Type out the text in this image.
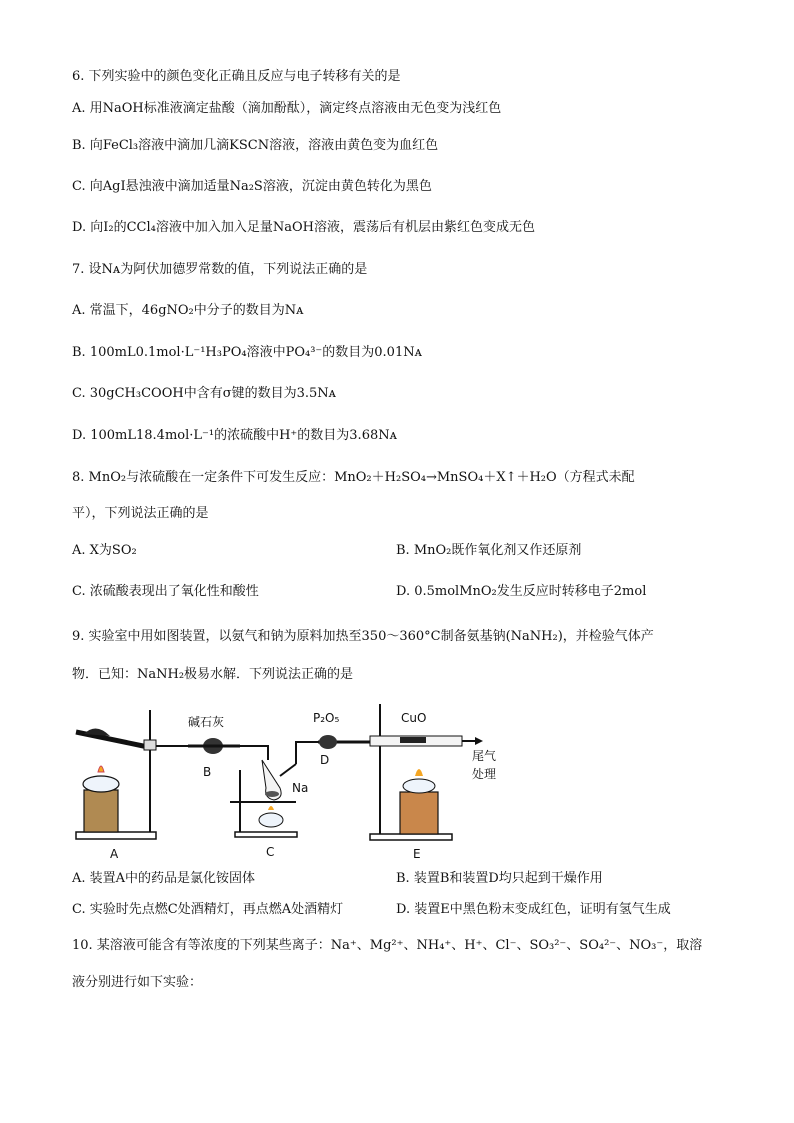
6. 下列实验中的颜色变化正确且反应与电子转移有关的是
A. 用NaOH标准液滴定盐酸（滴加酚酞），滴定终点溶液由无色变为浅红色
B. 向FeCl₃溶液中滴加几滴KSCN溶液，溶液由黄色变为血红色
C. 向AgI悬浊液中滴加适量Na₂S溶液，沉淀由黄色转化为黑色
D. 向I₂的CCl₄溶液中加入加入足量NaOH溶液，震荡后有机层由紫红色变成无色
7. 设Nᴀ为阿伏加德罗常数的值，下列说法正确的是
A. 常温下，46gNO₂中分子的数目为Nᴀ
B. 100mL0.1mol·L⁻¹H₃PO₄溶液中PO₄³⁻的数目为0.01Nᴀ
C. 30gCH₃COOH中含有σ键的数目为3.5Nᴀ
D. 100mL18.4mol·L⁻¹的浓硫酸中H⁺的数目为3.68Nᴀ
8. MnO₂与浓硫酸在一定条件下可发生反应：MnO₂＋H₂SO₄→MnSO₄＋X↑＋H₂O（方程式未配
平），下列说法正确的是
A. X为SO₂	B. MnO₂既作氧化剂又作还原剂
C. 浓硫酸表现出了氧化性和酸性	D. 0.5molMnO₂发生反应时转移电子2mol
9. 实验室中用如图装置，以氨气和钠为原料加热至350～360°C制备氨基钠(NaNH₂)，并检验气体产
物．已知：NaNH₂极易水解．下列说法正确的是
A
碱石灰
B
Na
C
P₂O₅
D
CuO
E
尾气
处理
A. 装置A中的药品是氯化铵固体	B. 装置B和装置D均只起到干燥作用
C. 实验时先点燃C处酒精灯，再点燃A处酒精灯	D. 装置E中黑色粉末变成红色，证明有氢气生成
10. 某溶液可能含有等浓度的下列某些离子：Na⁺、Mg²⁺、NH₄⁺、H⁺、Cl⁻、SO₃²⁻、SO₄²⁻、NO₃⁻，取溶
液分别进行如下实验：
